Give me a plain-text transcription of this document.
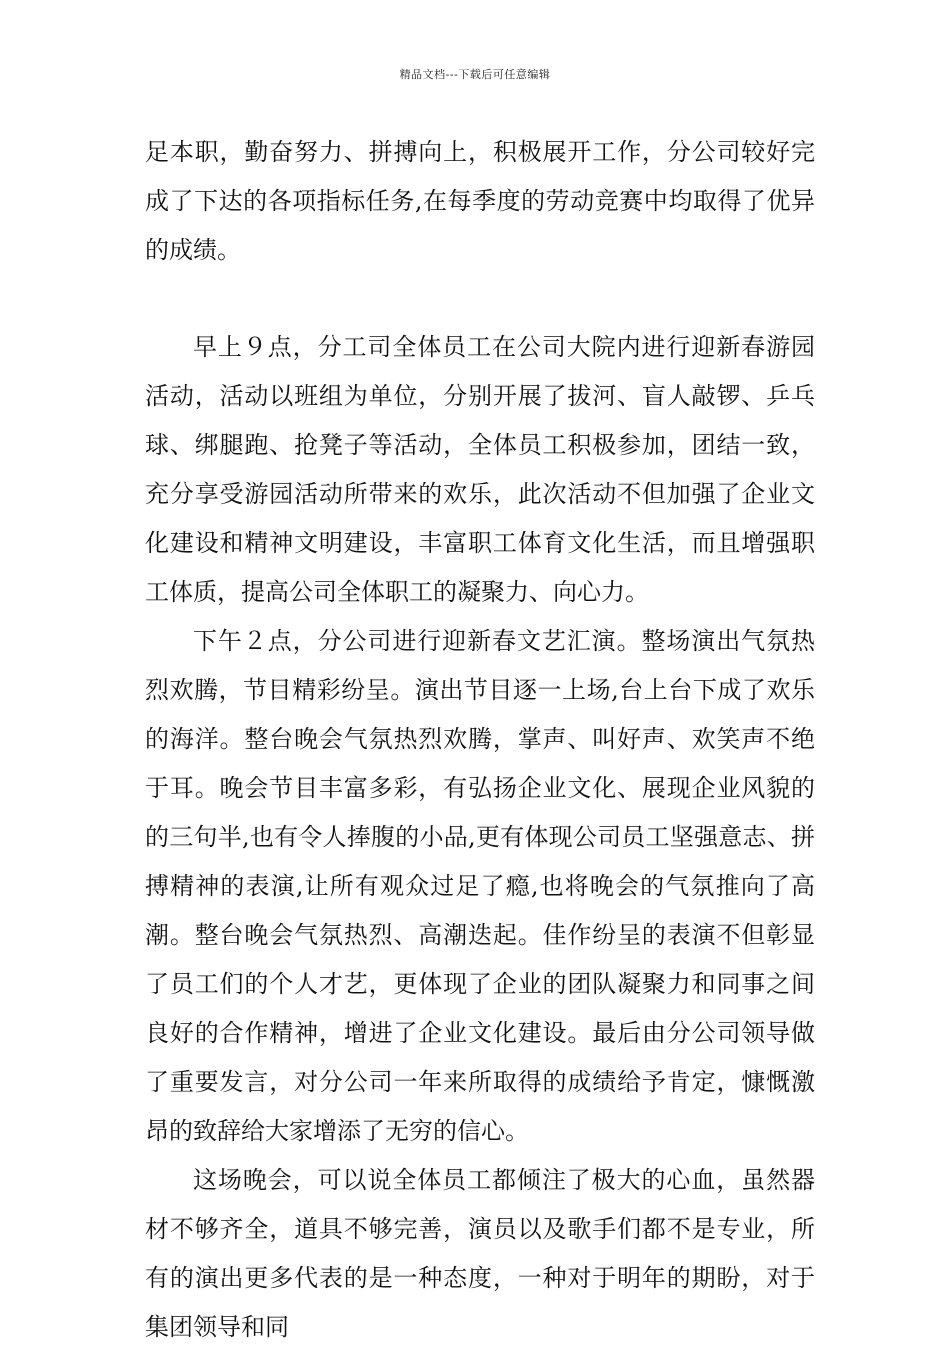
精品文档---下载后可任意编辑

足本职，勤奋努力、拼搏向上，积极展开工作，分公司较好完成了下达的各项指标任务,在每季度的劳动竞赛中均取得了优异的成绩。

早上９点，分工司全体员工在公司大院内进行迎新春游园活动，活动以班组为单位，分别开展了拔河、盲人敲锣、乒乓球、绑腿跑、抢凳子等活动，全体员工积极参加，团结一致，充分享受游园活动所带来的欢乐，此次活动不但加强了企业文化建设和精神文明建设，丰富职工体育文化生活，而且增强职工体质，提高公司全体职工的凝聚力、向心力。

下午２点，分公司进行迎新春文艺汇演。整场演出气氛热烈欢腾，节目精彩纷呈。演出节目逐一上场,台上台下成了欢乐的海洋。整台晚会气氛热烈欢腾，掌声、叫好声、欢笑声不绝于耳。晚会节目丰富多彩，有弘扬企业文化、展现企业风貌的的三句半,也有令人捧腹的小品,更有体现公司员工坚强意志、拼搏精神的表演,让所有观众过足了瘾,也将晚会的气氛推向了高潮。整台晚会气氛热烈、高潮迭起。佳作纷呈的表演不但彰显了员工们的个人才艺，更体现了企业的团队凝聚力和同事之间良好的合作精神，增进了企业文化建设。最后由分公司领导做了重要发言，对分公司一年来所取得的成绩给予肯定，慷慨激昂的致辞给大家增添了无穷的信心。

这场晚会，可以说全体员工都倾注了极大的心血，虽然器材不够齐全，道具不够完善，演员以及歌手们都不是专业，所有的演出更多代表的是一种态度，一种对于明年的期盼，对于集团领导和同
